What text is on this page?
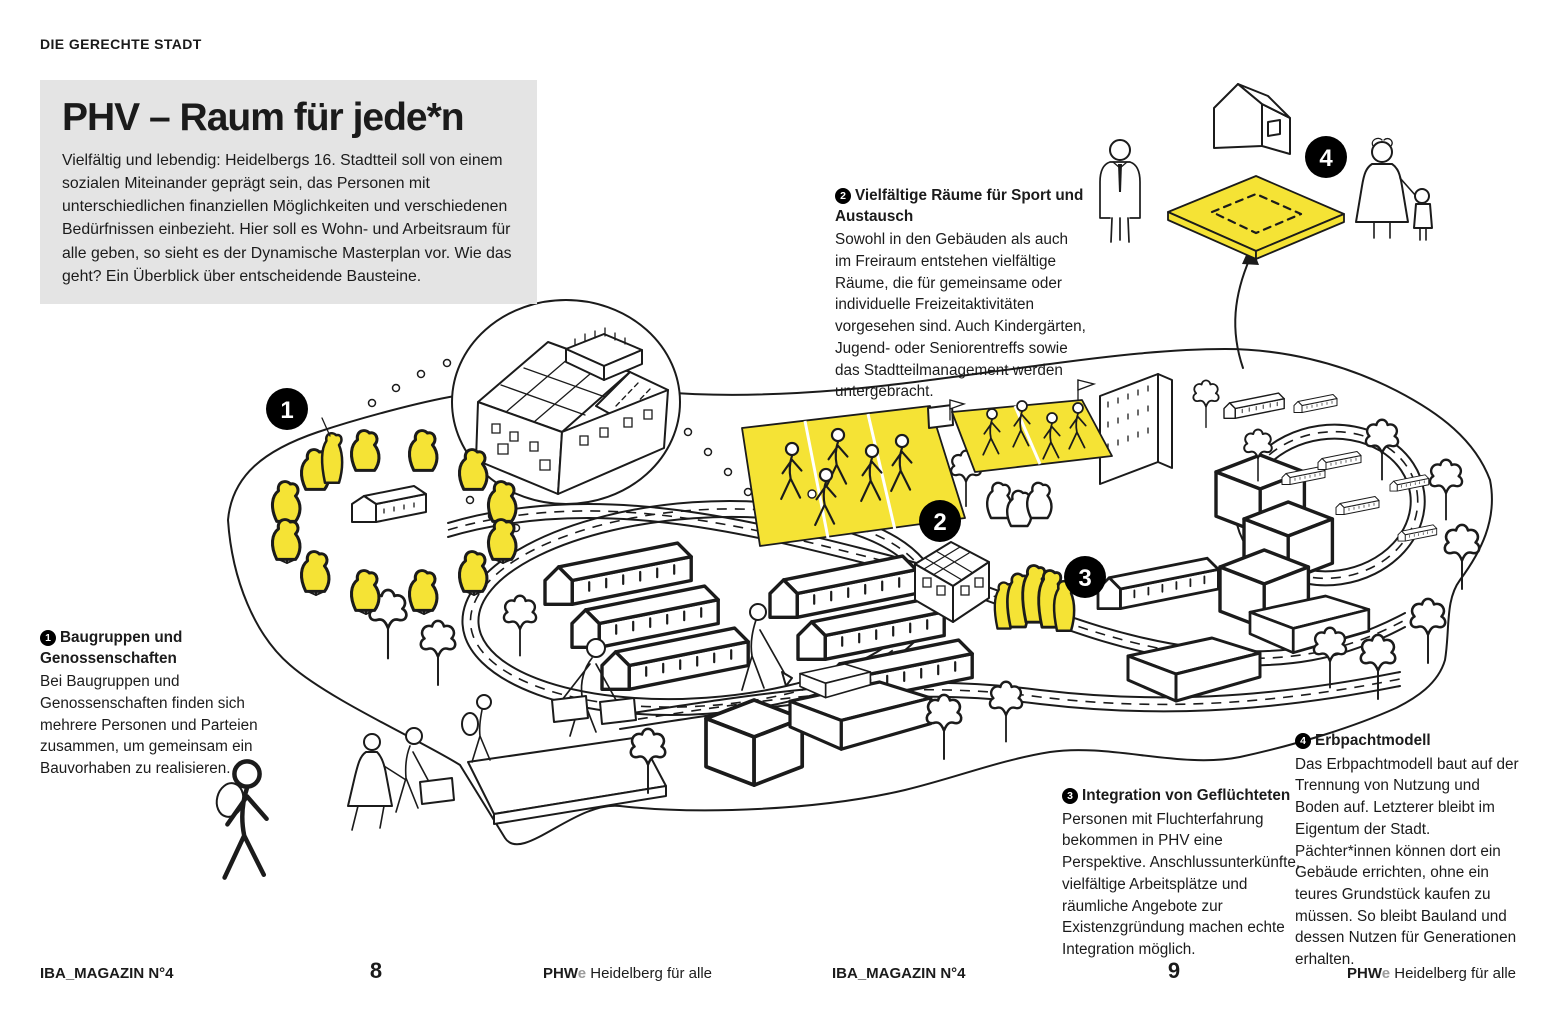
1
2
3
4
DIE GERECHTE STADT
PHV – Raum für jede*n
Vielfältig und lebendig: Heidelbergs 16. Stadtteil soll von einem sozialen Miteinander geprägt sein, das Personen mit unterschiedlichen finanziellen Möglichkeiten und verschiedenen Bedürfnissen einbezieht. Hier soll es Wohn- und Arbeitsraum für alle geben, so sieht es der Dynamische Masterplan vor. Wie das geht? Ein Überblick über entscheidende Bausteine.
2 Vielfältige Räume für Sport und Austausch
Sowohl in den Gebäuden als auch im Freiraum entstehen vielfältige Räume, die für gemeinsame oder individuelle Freizeitaktivitäten vorgesehen sind. Auch Kindergärten, Jugend- oder Seniorentreffs sowie das Stadtteilmanagement werden untergebracht.
1 Baugruppen und Genossenschaften
Bei Baugruppen und Genossenschaften finden sich mehrere Personen und Parteien zusammen, um gemeinsam ein Bauvorhaben zu realisieren.
3 Integration von Geflüchteten
Personen mit Fluchterfahrung bekommen in PHV eine Perspektive. Anschlussunterkünfte, vielfältige Arbeitsplätze und räumliche Angebote zur Existenzgründung machen echte Integration möglich.
4 Erbpachtmodell
Das Erbpachtmodell baut auf der Trennung von Nutzung und Boden auf. Letzterer bleibt im Eigentum der Stadt. Pächter*innen können dort ein Gebäude errichten, ohne ein teures Grundstück kaufen zu müssen. So bleibt Bauland und dessen Nutzen für Generationen erhalten.
IBA_MAGAZIN N°4	8	PHWe Heidelberg für alle	IBA_MAGAZIN N°4	9	PHWe Heidelberg für alle
